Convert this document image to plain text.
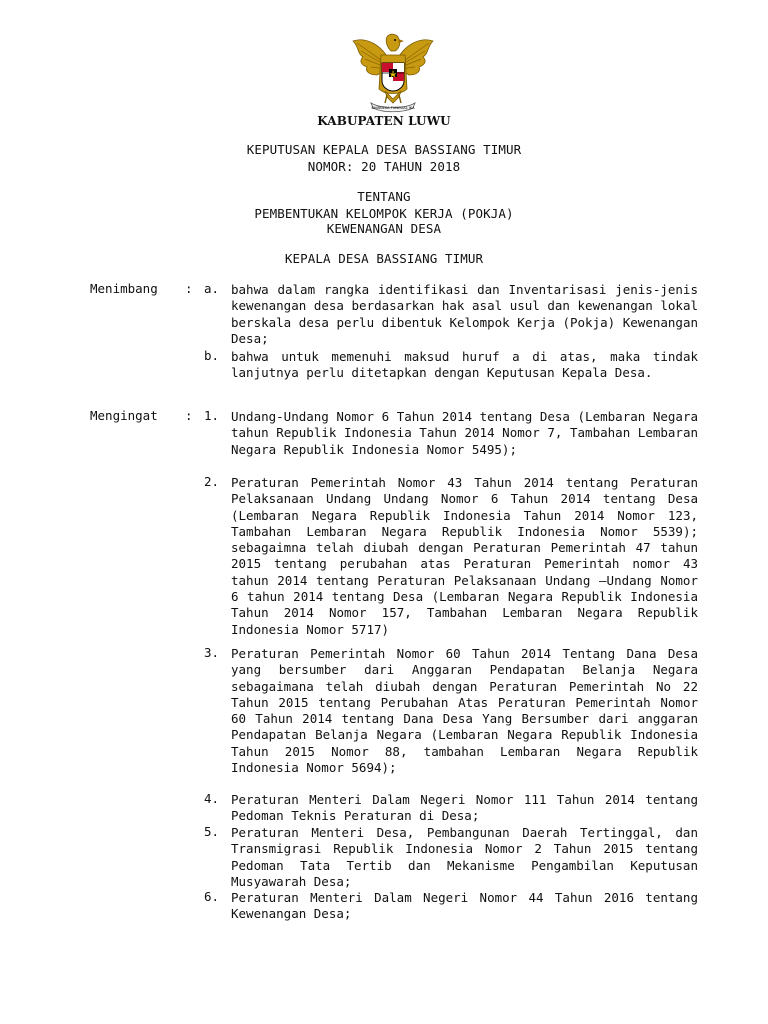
BHINNEKA TUNGGAL IKA
KABUPATEN LUWU
KEPUTUSAN KEPALA DESA BASSIANG TIMUR
NOMOR: 20 TAHUN 2018
TENTANG
PEMBENTUKAN KELOMPOK KERJA (POKJA)
KEWENANGAN DESA
KEPALA DESA BASSIANG TIMUR
Menimbang : a. bahwa dalam rangka identifikasi dan Inventarisasi jenis-jenis kewenangan desa berdasarkan hak asal usul dan kewenangan lokal berskala desa perlu dibentuk Kelompok Kerja (Pokja) Kewenangan Desa;
b. bahwa untuk memenuhi maksud huruf a di atas, maka tindak lanjutnya perlu ditetapkan dengan Keputusan Kepala Desa.
Mengingat : 1. Undang-Undang Nomor 6 Tahun 2014 tentang Desa (Lembaran Negara tahun Republik Indonesia Tahun 2014 Nomor 7, Tambahan Lembaran Negara Republik Indonesia Nomor 5495);
2. Peraturan Pemerintah Nomor 43 Tahun 2014 tentang Peraturan Pelaksanaan Undang Undang Nomor 6 Tahun 2014 tentang Desa (Lembaran Negara Republik Indonesia Tahun 2014 Nomor 123, Tambahan Lembaran Negara Republik Indonesia Nomor 5539); sebagaimna telah diubah dengan Peraturan Pemerintah 47 tahun 2015 tentang perubahan atas Peraturan Pemerintah nomor 43 tahun 2014 tentang Peraturan Pelaksanaan Undang –Undang Nomor 6 tahun 2014 tentang Desa (Lembaran Negara Republik Indonesia Tahun 2014 Nomor 157, Tambahan Lembaran Negara Republik Indonesia Nomor 5717)
3. Peraturan Pemerintah Nomor 60 Tahun 2014 Tentang Dana Desa yang bersumber dari Anggaran Pendapatan Belanja Negara sebagaimana telah diubah dengan Peraturan Pemerintah No 22 Tahun 2015 tentang Perubahan Atas Peraturan Pemerintah Nomor 60 Tahun 2014 tentang Dana Desa Yang Bersumber dari anggaran Pendapatan Belanja Negara (Lembaran Negara Republik Indonesia Tahun 2015 Nomor 88, tambahan Lembaran Negara Republik Indonesia Nomor 5694);
4. Peraturan Menteri Dalam Negeri Nomor 111 Tahun 2014 tentang Pedoman Teknis Peraturan di Desa;
5. Peraturan Menteri Desa, Pembangunan Daerah Tertinggal, dan Transmigrasi Republik Indonesia Nomor 2 Tahun 2015 tentang Pedoman Tata Tertib dan Mekanisme Pengambilan Keputusan Musyawarah Desa;
6. Peraturan Menteri Dalam Negeri Nomor 44 Tahun 2016 tentang Kewenangan Desa;
